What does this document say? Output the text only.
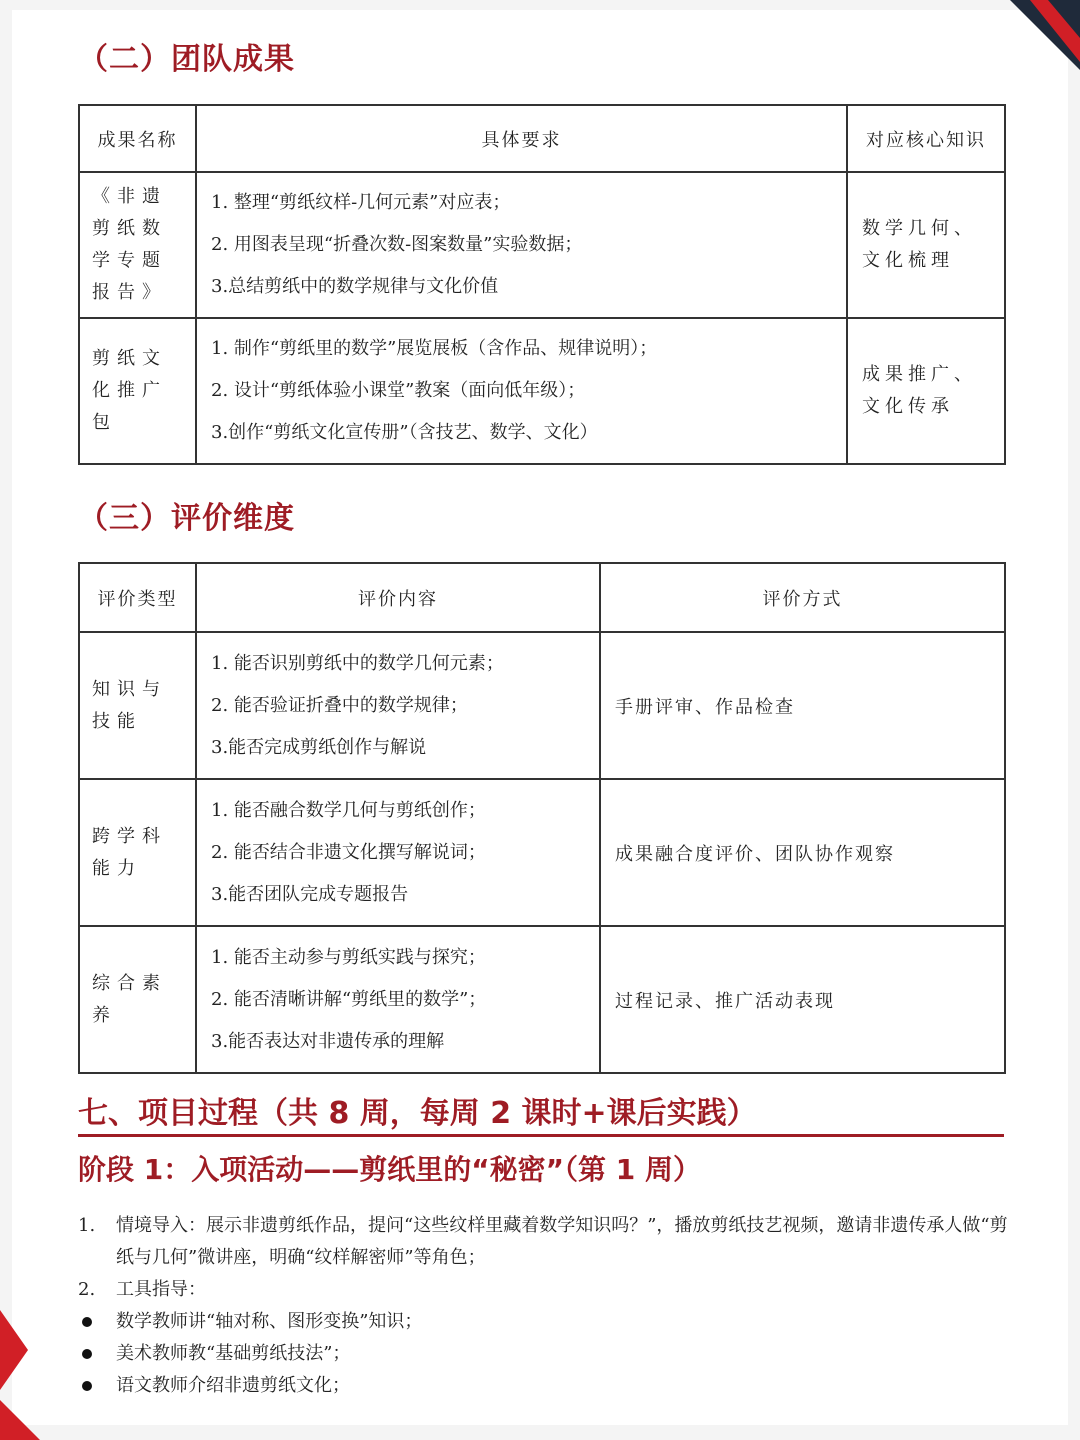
（二）团队成果
成果名称	具体要求	对应核心知识
《非遗剪纸数学专题报告》	1. 整理“剪纸纹样-几何元素”对应表；
2. 用图表呈现“折叠次数-图案数量”实验数据；
3.总结剪纸中的数学规律与文化价值	数学几何、文化梳理
剪纸文化推广包	1. 制作“剪纸里的数学”展览展板（含作品、规律说明）；
2. 设计“剪纸体验小课堂”教案（面向低年级）；
3.创作“剪纸文化宣传册”（含技艺、数学、文化）	成果推广、文化传承
（三）评价维度
评价类型	评价内容	评价方式
知识与技能	1. 能否识别剪纸中的数学几何元素；
2. 能否验证折叠中的数学规律；
3.能否完成剪纸创作与解说	手册评审、作品检查
跨学科能力	1. 能否融合数学几何与剪纸创作；
2. 能否结合非遗文化撰写解说词；
3.能否团队完成专题报告	成果融合度评价、团队协作观察
综合素养	1. 能否主动参与剪纸实践与探究；
2. 能否清晰讲解“剪纸里的数学”；
3.能否表达对非遗传承的理解	过程记录、推广活动表现
七、项目过程（共 8 周，每周 2 课时+课后实践）
阶段 1：入项活动——剪纸里的“秘密”（第 1 周）
1. 情境导入：展示非遗剪纸作品，提问“这些纹样里藏着数学知识吗？”，播放剪纸技艺视频，邀请非遗传承人做“剪纸与几何”微讲座，明确“纹样解密师”等角色；
2. 工具指导：
数学教师讲“轴对称、图形变换”知识；
美术教师教“基础剪纸技法”；
语文教师介绍非遗剪纸文化；
